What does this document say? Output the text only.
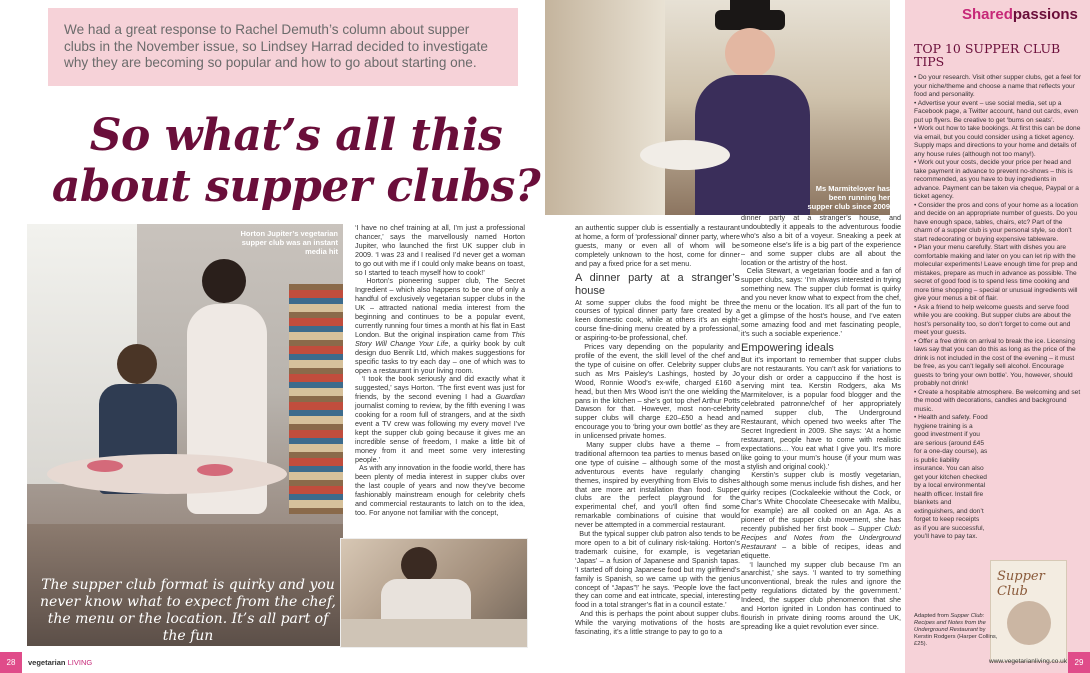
We had a great response to Rachel Demuth’s column about supper clubs in the November issue, so Lindsey Harrad decided to investigate why they are becoming so popular and how to go about starting one.

So what’s all this
about supper clubs?
Horton Jupiter’s vegetarian supper club was an instant media hit
The supper club format is quirky and you never know what to expect from the chef, the menu or the location. It’s all part of the fun

‘I have no chef training at all, I’m just a professional chancer,’ says the marvellously named Horton Jupiter, who launched the first UK supper club in 2009. ‘I was 23 and I realised I’d never get a woman to go out with me if I could only make beans on toast, so I started to teach myself how to cook!’

Horton’s pioneering supper club, The Secret Ingredient – which also happens to be one of only a handful of exclusively vegetarian supper clubs in the UK – attracted national media interest from the beginning and continues to be a popular event, currently running four times a month at his flat in East London. But the original inspiration came from This Story Will Change Your Life, a quirky book by cult design duo Benrik Ltd, which makes suggestions for specific tasks to try each day – one of which was to open a restaurant in your living room.

‘I took the book seriously and did exactly what it suggested,’ says Horton. ‘The first event was just for friends, by the second evening I had a Guardian journalist coming to review, by the fifth evening I was cooking for a room full of strangers, and at the sixth event a TV crew was following my every move! I’ve kept the supper club going because it gives me an incredible sense of freedom, I make a little bit of money from it and meet some very interesting people.’

As with any innovation in the foodie world, there has been plenty of media interest in supper clubs over the last couple of years and now they’ve become fashionably mainstream enough for celebrity chefs and commercial restaurants to latch on to the idea, too. For anyone not familiar with the concept,

Ms Marmitelover has been running her supper club since 2009

an authentic supper club is essentially a restaurant at home, a form of ‘professional’ dinner party, where guests, many or even all of whom will be completely unknown to the host, come for dinner and pay a fixed price for a set menu.

A dinner party at a stranger’s house

At some supper clubs the food might be three courses of typical dinner party fare created by a keen domestic cook, while at others it’s an eight-course fine-dining menu created by a professional, or aspiring-to-be professional, chef.

Prices vary depending on the popularity and profile of the event, the skill level of the chef and the type of cuisine on offer. Celebrity supper clubs such as Mrs Paisley’s Lashings, hosted by Jo Wood, Ronnie Wood’s ex-wife, charged £160 a head, but then Mrs Wood isn’t the one wielding the pans in the kitchen – she’s got top chef Arthur Potts Dawson for that. However, most non-celebrity supper clubs will charge £20–£50 a head and encourage you to ‘bring your own bottle’ as they are in unlicensed private homes.

Many supper clubs have a theme – from traditional afternoon tea parties to menus based on one type of cuisine – although some of the most adventurous events have regularly changing themes, inspired by everything from Elvis to dishes that are more art installation than food. Supper clubs are the perfect playground for the experimental chef, and you’ll often find some remarkable combinations of cuisine that would never be attempted in a commercial restaurant.

But the typical supper club patron also tends to be more open to a bit of culinary risk-taking. Horton’s trademark cuisine, for example, is vegetarian ‘Japas’ – a fusion of Japanese and Spanish tapas. ‘I started off doing Japanese food but my girlfriend’s family is Spanish, so we came up with the genius concept of “Japas”!’ he says. ‘People love the fact they can come and eat intricate, special, interesting food in a total stranger’s flat in a council estate.’

And this is perhaps the point about supper clubs. While the varying motivations of the hosts are fascinating, it’s a little strange to pay to go to a

dinner party at a stranger’s house, and undoubtedly it appeals to the adventurous foodie who’s also a bit of a voyeur. Sneaking a peek at someone else’s life is a big part of the experience – and some supper clubs are all about the location or the artistry of the host.

Celia Stewart, a vegetarian foodie and a fan of supper clubs, says: ‘I’m always interested in trying something new. The supper club format is quirky and you never know what to expect from the chef, the menu or the location. It’s all part of the fun to get a glimpse of the host’s house, and I’ve eaten some amazing food and met fascinating people, it’s such a sociable experience.’

Empowering ideals

But it’s important to remember that supper clubs are not restaurants. You can’t ask for variations to your dish or order a cappuccino if the host is serving mint tea. Kerstin Rodgers, aka Ms Marmitelover, is a popular food blogger and the celebrated patronne/chef of her appropriately named supper club, The Underground Restaurant, which opened two weeks after The Secret Ingredient in 2009. She says: ‘At a home restaurant, people have to come with realistic expectations… You eat what I give you. It’s more like going to your mum’s house (if your mum was a stylish and original cook).’

Kerstin’s supper club is mostly vegetarian, although some menus include fish dishes, and her quirky recipes (Cockaleekie without the Cock, or Char’s White Chocolate Cheesecake with Malibu, for example) are all cooked on an Aga. As a pioneer of the supper club movement, she has recently published her first book – Supper Club: Recipes and Notes from the Underground Restaurant – a bible of recipes, ideas and etiquette.

‘I launched my supper club because I’m an anarchist,’ she says. ‘I wanted to try something unconventional, break the rules and ignore the petty regulations dictated by the government.’ Indeed, the supper club phenomenon that she and Horton ignited in London has continued to flourish in private dining rooms around the UK, spreading like a quiet revolution ever since.

Sharedpassions
TOP 10 SUPPER CLUB TIPS

• Do your research. Visit other supper clubs, get a feel for your niche/theme and choose a name that reflects your food and personality.

• Advertise your event – use social media, set up a Facebook page, a Twitter account, hand out cards, even put up flyers. Be creative to get ‘bums on seats’.

• Work out how to take bookings. At first this can be done via email, but you could consider using a ticket agency. Supply maps and directions to your home and details of any house rules (although not too many!).

• Work out your costs, decide your price per head and take payment in advance to prevent no-shows – this is recommended, as you have to buy ingredients in advance. Payment can be taken via cheque, Paypal or a ticket agency.

• Consider the pros and cons of your home as a location and decide on an appropriate number of guests. Do you have enough space, tables, chairs, etc? Part of the charm of a supper club is your personal style, so don’t start redecorating or buying expensive tableware.

• Plan your menu carefully. Start with dishes you are comfortable making and later on you can let rip with the molecular experiments! Leave enough time for prep and mistakes, prepare as much in advance as possible. The secret of good food is to spend less time cooking and more time shopping – special or unusual ingredients will give your menus a bit of flair.

• Ask a friend to help welcome guests and serve food while you are cooking. But supper clubs are about the host’s personality too, so don’t forget to come out and meet your guests.

• Offer a free drink on arrival to break the ice. Licensing laws say that you can do this as long as the price of the drink is not included in the cost of the evening – it must be free, as you can’t legally sell alcohol. Encourage guests to ‘bring your own bottle’. You, however, should probably not drink!

• Create a hospitable atmosphere. Be welcoming and set the mood with decorations, candles and background music.

• Health and safety. Food hygiene training is a good investment if you are serious (around £45 for a one-day course), as is public liability insurance. You can also get your kitchen checked by a local environmental health officer. Install fire blankets and extinguishers, and don’t forget to keep receipts as if you are successful, you’ll have to pay tax.

Supper Club
Adapted from Supper Club: Recipes and Notes from the Underground Restaurant by Kerstin Rodgers (Harper Collins, £25).
28	vegetarian LIVING	www.vegetarianliving.co.uk 29
